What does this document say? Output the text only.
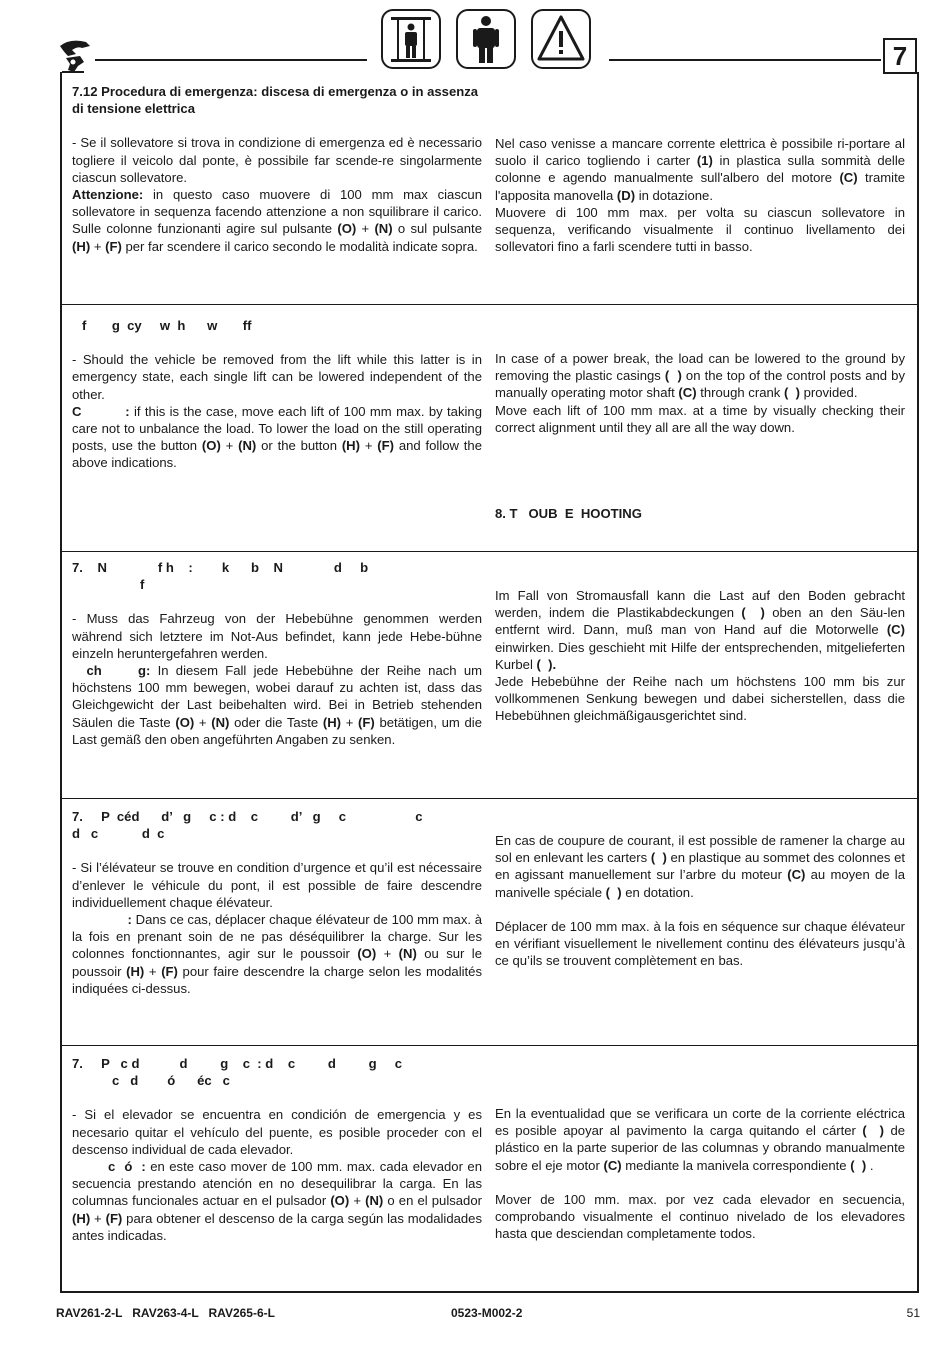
7

7.12 Procedura di emergenza: discesa di emergenza o in assenza di tensione elettrica

- Se il sollevatore si trova in condizione di emergenza ed è necessario togliere il veicolo dal ponte, è possibile far scende-re singolarmente ciascun sollevatore.
Attenzione: in questo caso muovere di 100 mm max ciascun sollevatore in sequenza facendo attenzione a non squilibrare il carico. Sulle colonne funzionanti agire sul pulsante (O) + (N) o sul pulsante (H) + (F) per far scendere il carico secondo le modalità indicate sopra.

Nel caso venisse a mancare corrente elettrica è possibile ri-portare al suolo il carico togliendo i carter (1) in plastica sulla sommità delle colonne e agendo manualmente sull'albero del motore (C) tramite l'apposita manovella (D) in dotazione.

Muovere di 100 mm max. per volta su ciascun sollevatore in sequenza, verificando visualmente il continuo livellamento dei sollevatori fino a farli scendere tutti in basso.

f       g  cy     w  h      w       ff

- Should the vehicle be removed from the lift while this latter is in emergency state, each single lift can be lowered independent of the other.
C          : if this is the case, move each lift of 100 mm max. by taking care not to unbalance the load. To lower the load on the still operating posts, use the button (O) + (N) or the button (H) + (F) and follow the above indications.

In case of a power break, the load can be lowered to the ground by removing the plastic casings (  ) on the top of the control posts and by manually operating motor shaft (C) through crank (  ) provided.

Move each lift of 100 mm max. at a time by visually checking their correct alignment until they all are all the way down.

8. T   OUB  E  HOOTING

7.    N              f h    :        k      b    N              d     b
f

- Muss das Fahrzeug von der Hebebühne genommen werden während sich letztere im Not-Aus befindet, kann jede Hebe-bühne einzeln heruntergefahren werden.
ch     g: In diesem Fall jede Hebebühne der Reihe nach um höchstens 100 mm bewegen, wobei darauf zu achten ist, dass das Gleichgewicht der Last beibehalten wird. Bei in Betrieb stehenden Säulen die Taste (O) + (N) oder die Taste (H) + (F) betätigen, um die Last gemäß den oben angeführten Angaben zu senken.

Im Fall von Stromausfall kann die Last auf den Boden gebracht werden, indem die Plastikabdeckungen (  ) oben an den Säu-len entfernt wird. Dann, muß man von Hand auf die Motorwelle (C) einwirken. Dies geschieht mit Hilfe der entsprechenden, mitgelieferten Kurbel (  ).

Jede Hebebühne der Reihe nach um höchstens 100 mm bis zur vollkommenen Senkung bewegen und dabei sicherstellen, dass die Hebebühnen gleichmäßigausgerichtet sind.

7.     P  céd      d’   g     c : d    c         d’   g     c                   c
d   c            d  c

- Si l’élévateur se trouve en condition d’urgence et qu’il est nécessaire d’enlever le véhicule du pont, il est possible de faire descendre individuellement chaque élévateur.
: Dans ce cas, déplacer chaque élévateur de 100 mm max. à la fois en prenant soin de ne pas déséquilibrer la charge. Sur les colonnes fonctionnantes, agir sur le poussoir (O) + (N) ou sur le poussoir (H) + (F) pour faire descendre la charge selon les modalités indiquées ci-dessus.

En cas de coupure de courant, il est possible de ramener la charge au sol en enlevant les carters (  ) en plastique au sommet des colonnes et en agissant manuellement sur l’arbre du moteur (C) au moyen de la manivelle spéciale (  ) en dotation.

Déplacer de 100 mm max. à la fois en séquence sur chaque élévateur en vérifiant visuellement le nivellement continu des élévateurs jusqu’à ce qu’ils se trouvent complètement en bas.

7.     P   c d           d         g    c  : d    c         d         g     c
c   d        ó      éc   c

- Si el elevador se encuentra en condición de emergencia y es necesario quitar el vehículo del puente, es posible proceder con el descenso individual de cada elevador.
c  ó  : en este caso mover de 100 mm. max. cada elevador en secuencia prestando atención en no desequilibrar la carga. En las columnas funcionales actuar en el pulsador (O) + (N) o en el pulsador (H) + (F) para obtener el descenso de la carga según las modalidades antes indicadas.

En la eventualidad que se verificara un corte de la corriente eléctrica es posible apoyar al pavimento la carga quitando el cárter (  ) de plástico en la parte superior de las columnas y obrando manualmente sobre el eje motor (C) mediante la manivela correspondiente (  ) .

Mover de 100 mm. max. por vez cada elevador en secuencia, comprobando visualmente el continuo nivelado de los elevadores hasta que desciendan completamente todos.

RAV261-2-L   RAV263-4-L   RAV265-6-L	0523-M002-2	51
